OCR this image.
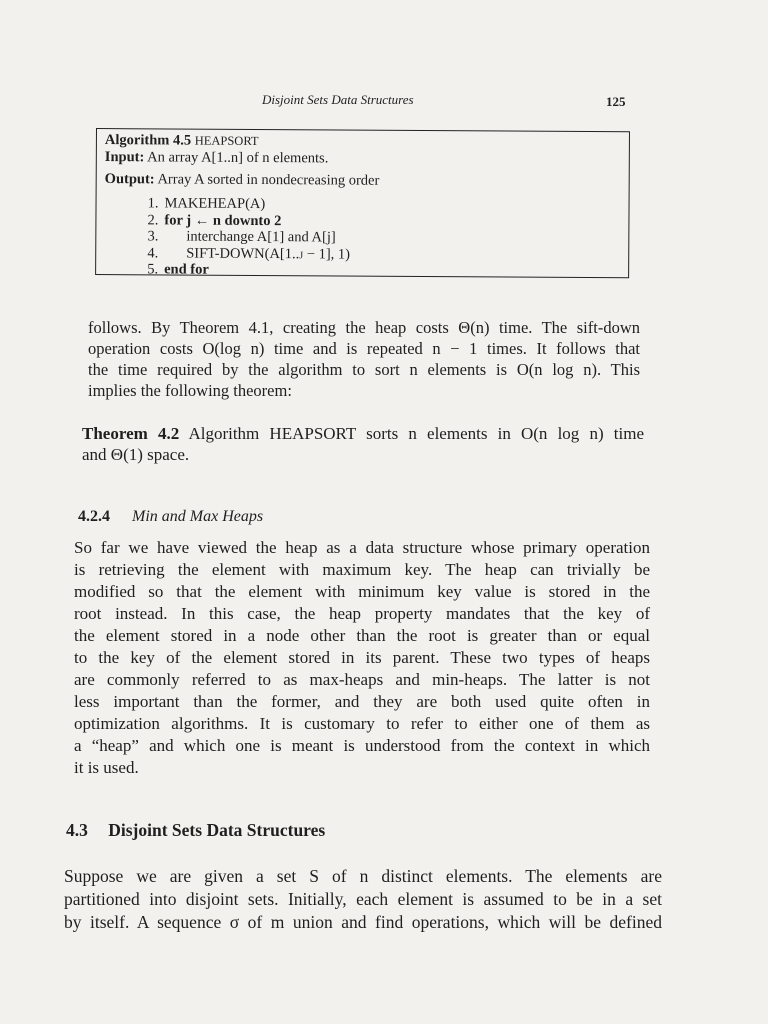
Disjoint Sets Data Structures	125
Algorithm 4.5 HEAPSORT
Input: An array A[1..n] of n elements.
Output: Array A sorted in nondecreasing order
1. MAKEHEAP(A)
2. for j ← n downto 2
3. interchange A[1] and A[j]
4. SIFT-DOWN(A[1..j − 1], 1)
5. end for
follows. By Theorem 4.1, creating the heap costs Θ(n) time. The sift-down
operation costs O(log n) time and is repeated n − 1 times. It follows that
the time required by the algorithm to sort n elements is O(n log n). This
implies the following theorem:
Theorem 4.2 Algorithm HEAPSORT sorts n elements in O(n log n) time
and Θ(1) space.
4.2.4 Min and Max Heaps
So far we have viewed the heap as a data structure whose primary operation
is retrieving the element with maximum key. The heap can trivially be
modified so that the element with minimum key value is stored in the
root instead. In this case, the heap property mandates that the key of
the element stored in a node other than the root is greater than or equal
to the key of the element stored in its parent. These two types of heaps
are commonly referred to as max-heaps and min-heaps. The latter is not
less important than the former, and they are both used quite often in
optimization algorithms. It is customary to refer to either one of them as
a “heap” and which one is meant is understood from the context in which
it is used.
4.3 Disjoint Sets Data Structures
Suppose we are given a set S of n distinct elements. The elements are
partitioned into disjoint sets. Initially, each element is assumed to be in a set
by itself. A sequence σ of m union and find operations, which will be defined
